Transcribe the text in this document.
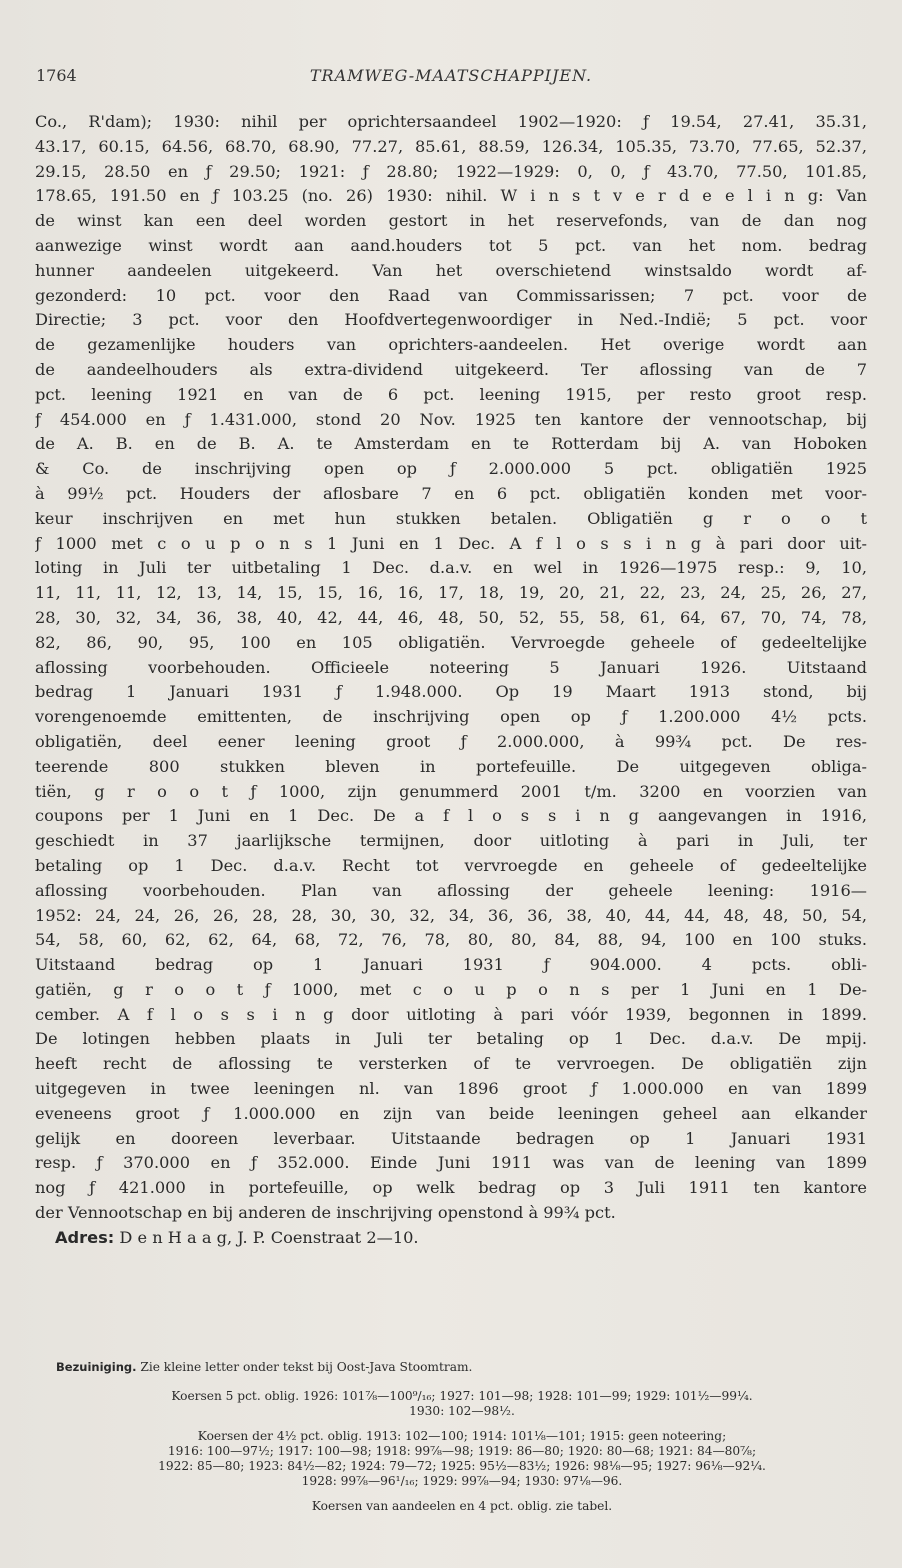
1764	TRAMWEG-MAATSCHAPPIJEN.
Co., R'dam); 1930: nihil per oprichtersaandeel 1902—1920: ƒ 19.54, 27.41, 35.31,
43.17, 60.15, 64.56, 68.70, 68.90, 77.27, 85.61, 88.59, 126.34, 105.35, 73.70, 77.65, 52.37,
29.15, 28.50 en ƒ 29.50; 1921: ƒ 28.80; 1922—1929: 0, 0, ƒ 43.70, 77.50, 101.85,
178.65, 191.50 en ƒ 103.25 (no. 26) 1930: nihil. W i n s t v e r d e e l i n g: Van
de winst kan een deel worden gestort in het reservefonds, van de dan nog
aanwezige winst wordt aan aand.houders tot 5 pct. van het nom. bedrag
hunner aandeelen uitgekeerd. Van het overschietend winstsaldo wordt af-
gezonderd: 10 pct. voor den Raad van Commissarissen; 7 pct. voor de
Directie; 3 pct. voor den Hoofdvertegenwoordiger in Ned.-Indië; 5 pct. voor
de gezamenlijke houders van oprichters-aandeelen. Het overige wordt aan
de aandeelhouders als extra-dividend uitgekeerd. Ter aflossing van de 7
pct. leening 1921 en van de 6 pct. leening 1915, per resto groot resp.
ƒ 454.000 en ƒ 1.431.000, stond 20 Nov. 1925 ten kantore der vennootschap, bij
de A. B. en de B. A. te Amsterdam en te Rotterdam bij A. van Hoboken
& Co. de inschrijving open op ƒ 2.000.000 5 pct. obligatiën 1925
à 99½ pct. Houders der aflosbare 7 en 6 pct. obligatiën konden met voor-
keur inschrijven en met hun stukken betalen. Obligatiën g r o o t
ƒ 1000 met c o u p o n s 1 Juni en 1 Dec. A f l o s s i n g à pari door uit-
loting in Juli ter uitbetaling 1 Dec. d.a.v. en wel in 1926—1975 resp.: 9, 10,
11, 11, 11, 12, 13, 14, 15, 15, 16, 16, 17, 18, 19, 20, 21, 22, 23, 24, 25, 26, 27,
28, 30, 32, 34, 36, 38, 40, 42, 44, 46, 48, 50, 52, 55, 58, 61, 64, 67, 70, 74, 78,
82, 86, 90, 95, 100 en 105 obligatiën. Vervroegde geheele of gedeeltelijke
aflossing voorbehouden. Officieele noteering 5 Januari 1926. Uitstaand
bedrag 1 Januari 1931 ƒ 1.948.000. Op 19 Maart 1913 stond, bij
vorengenoemde emittenten, de inschrijving open op ƒ 1.200.000 4½ pcts.
obligatiën, deel eener leening groot ƒ 2.000.000, à 99¾ pct. De res-
teerende 800 stukken bleven in portefeuille. De uitgegeven obliga-
tiën, g r o o t ƒ 1000, zijn genummerd 2001 t/m. 3200 en voorzien van
coupons per 1 Juni en 1 Dec. De a f l o s s i n g aangevangen in 1916,
geschiedt in 37 jaarlijksche termijnen, door uitloting à pari in Juli, ter
betaling op 1 Dec. d.a.v. Recht tot vervroegde en geheele of gedeeltelijke
aflossing voorbehouden. Plan van aflossing der geheele leening: 1916—
1952: 24, 24, 26, 26, 28, 28, 30, 30, 32, 34, 36, 36, 38, 40, 44, 44, 48, 48, 50, 54,
54, 58, 60, 62, 62, 64, 68, 72, 76, 78, 80, 80, 84, 88, 94, 100 en 100 stuks.
Uitstaand bedrag op 1 Januari 1931 ƒ 904.000. 4 pcts. obli-
gatiën, g r o o t ƒ 1000, met c o u p o n s per 1 Juni en 1 De-
cember. A f l o s s i n g door uitloting à pari vóór 1939, begonnen in 1899.
De lotingen hebben plaats in Juli ter betaling op 1 Dec. d.a.v. De mpij.
heeft recht de aflossing te versterken of te vervroegen. De obligatiën zijn
uitgegeven in twee leeningen nl. van 1896 groot ƒ 1.000.000 en van 1899
eveneens groot ƒ 1.000.000 en zijn van beide leeningen geheel aan elkander
gelijk en dooreen leverbaar. Uitstaande bedragen op 1 Januari 1931
resp. ƒ 370.000 en ƒ 352.000. Einde Juni 1911 was van de leening van 1899
nog ƒ 421.000 in portefeuille, op welk bedrag op 3 Juli 1911 ten kantore
der Vennootschap en bij anderen de inschrijving openstond à 99¾ pct.
Adres: D e n H a a g, J. P. Coenstraat 2—10.
Bezuiniging. Zie kleine letter onder tekst bij Oost-Java Stoomtram.
Koersen 5 pct. oblig. 1926: 101⅞—100⁹/₁₆; 1927: 101—98; 1928: 101—99; 1929: 101½—99¼.
1930: 102—98½.
Koersen der 4½ pct. oblig. 1913: 102—100; 1914: 101⅛—101; 1915: geen noteering;
1916: 100—97½; 1917: 100—98; 1918: 99⅞—98; 1919: 86—80; 1920: 80—68; 1921: 84—80⅞;
1922: 85—80; 1923: 84½—82; 1924: 79—72; 1925: 95½—83½; 1926: 98⅛—95; 1927: 96⅛—92¼.
1928: 99⅞—96¹/₁₆; 1929: 99⅞—94; 1930: 97⅛—96.
Koersen van aandeelen en 4 pct. oblig. zie tabel.
